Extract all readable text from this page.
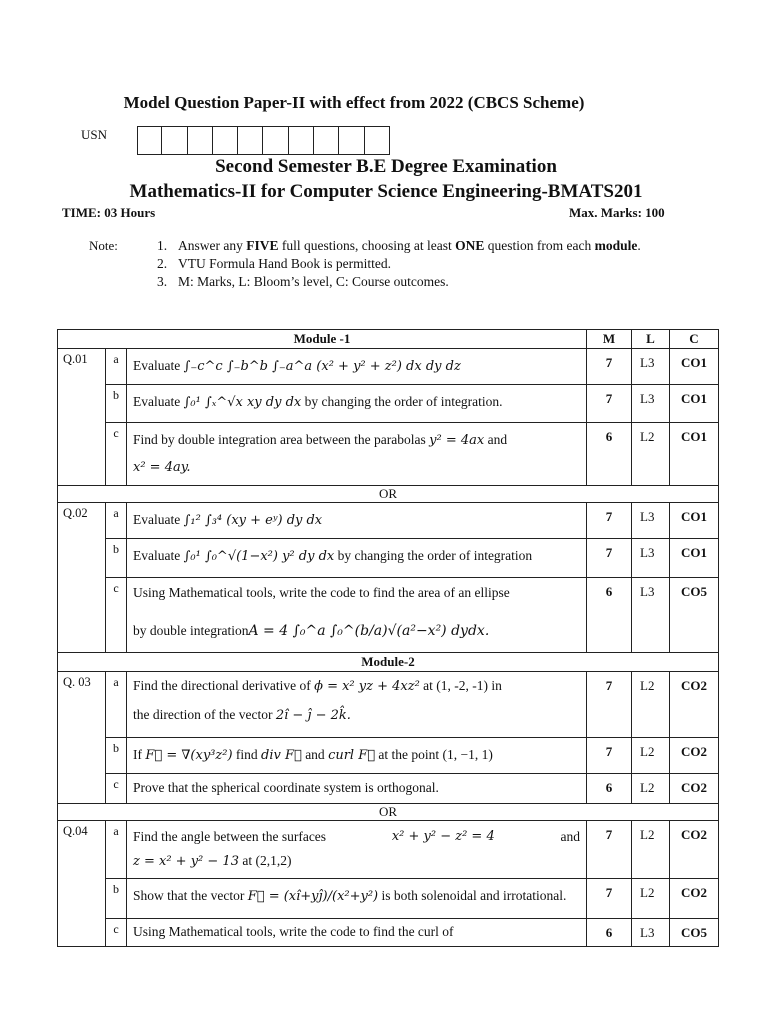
Model Question Paper-II with effect from 2022 (CBCS Scheme)
USN
Second Semester B.E Degree Examination
Mathematics-II for Computer Science Engineering-BMATS201
TIME: 03 Hours	Max. Marks: 100
Note:	1. Answer any FIVE full questions, choosing at least ONE question from each module.
2. VTU Formula Hand Book is permitted.
3. M: Marks, L: Bloom’s level, C: Course outcomes.
Module -1			M	L	C
Q.01	a	Evaluate ∫₋c^c ∫₋b^b ∫₋a^a (x² + y² + z²) dx dy dz	7	L3	CO1
	b	Evaluate ∫₀¹ ∫ₓ^√x xy dy dx by changing the order of integration.	7	L3	CO1
	c	Find by double integration area between the parabolas y² = 4ax and
x² = 4ay.	6	L2	CO1
OR					
Q.02	a	Evaluate ∫₁² ∫₃⁴ (xy + eʸ) dy dx	7	L3	CO1
	b	Evaluate ∫₀¹ ∫₀^√(1−x²) y² dy dx by changing the order of integration	7	L3	CO1
	c	Using Mathematical tools, write the code to find the area of an ellipse
by double integrationA = 4 ∫₀^a ∫₀^(b/a)√(a²−x²) dydx.	6	L3	CO5
Module-2					
Q. 03	a	Find the directional derivative of ϕ = x² yz + 4xz² at (1, -2, -1) in
the direction of the vector 2î − ĵ − 2k̂.	7	L2	CO2
	b	If F⃗ = ∇(xy³z²) find div F⃗ and curl F⃗ at the point (1, −1, 1)	7	L2	CO2
	c	Prove that the spherical coordinate system is orthogonal.	6	L2	CO2
OR					
Q.04	a	Find the angle between the surfaces x² + y² − z² = 4 and
z = x² + y² − 13 at (2,1,2)	7	L2	CO2
	b	Show that the vector F⃗ = (xî+yĵ)/(x²+y²) is both solenoidal and irrotational.	7	L2	CO2
	c	Using Mathematical tools, write the code to find the curl of	6	L3	CO5
